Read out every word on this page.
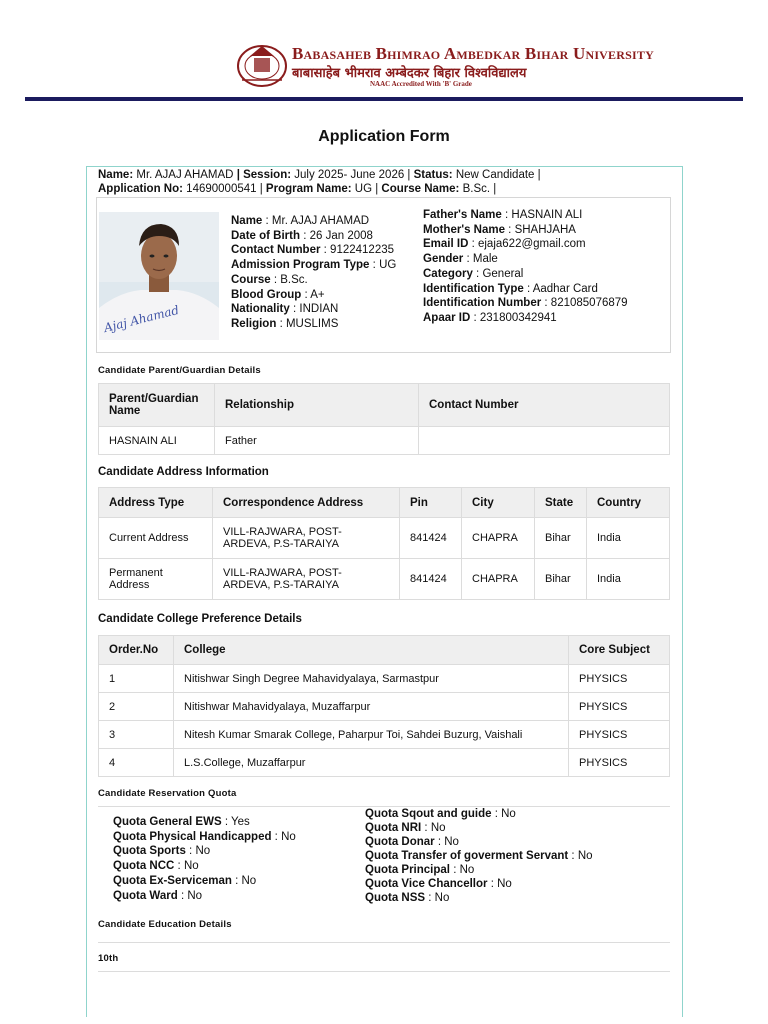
Babasaheb Bhimrao Ambedkar Bihar University
बाबासाहेब भीमराव अम्बेदकर बिहार विश्वविद्यालय
NAAC Accredited With 'B' Grade
Application Form
Name: Mr. AJAJ AHAMAD | Session: July 2025- June 2026 | Status: New Candidate |
Application No: 14690000541 | Program Name: UG | Course Name: B.Sc. |
Ajaj Ahamad
Name : Mr. AJAJ AHAMAD
Date of Birth : 26 Jan 2008
Contact Number : 9122412235
Admission Program Type : UG
Course : B.Sc.
Blood Group : A+
Nationality : INDIAN
Religion : MUSLIMS
Father's Name : HASNAIN ALI
Mother's Name : SHAHJAHA
Email ID : ejaja622@gmail.com
Gender : Male
Category : General
Identification Type : Aadhar Card
Identification Number : 821085076879
Apaar ID : 231800342941
Candidate Parent/Guardian Details
Parent/Guardian Name	Relationship	Contact Number
HASNAIN ALI	Father	
Candidate Address Information
Address Type	Correspondence Address	Pin	City	State	Country
Current Address	VILL-RAJWARA, POST-ARDEVA, P.S-TARAIYA	841424	CHAPRA	Bihar	India
Permanent Address	VILL-RAJWARA, POST-ARDEVA, P.S-TARAIYA	841424	CHAPRA	Bihar	India
Candidate College Preference Details
Order.No	College	Core Subject
1	Nitishwar Singh Degree Mahavidyalaya, Sarmastpur	PHYSICS
2	Nitishwar Mahavidyalaya, Muzaffarpur	PHYSICS
3	Nitesh Kumar Smarak College, Paharpur Toi, Sahdei Buzurg, Vaishali	PHYSICS
4	L.S.College, Muzaffarpur	PHYSICS
Candidate Reservation Quota
Quota General EWS : Yes
Quota Physical Handicapped : No
Quota Sports : No
Quota NCC : No
Quota Ex-Serviceman : No
Quota Ward : No
Quota Sqout and guide : No
Quota NRI : No
Quota Donar : No
Quota Transfer of goverment Servant : No
Quota Principal : No
Quota Vice Chancellor : No
Quota NSS : No
Candidate Education Details
10th
